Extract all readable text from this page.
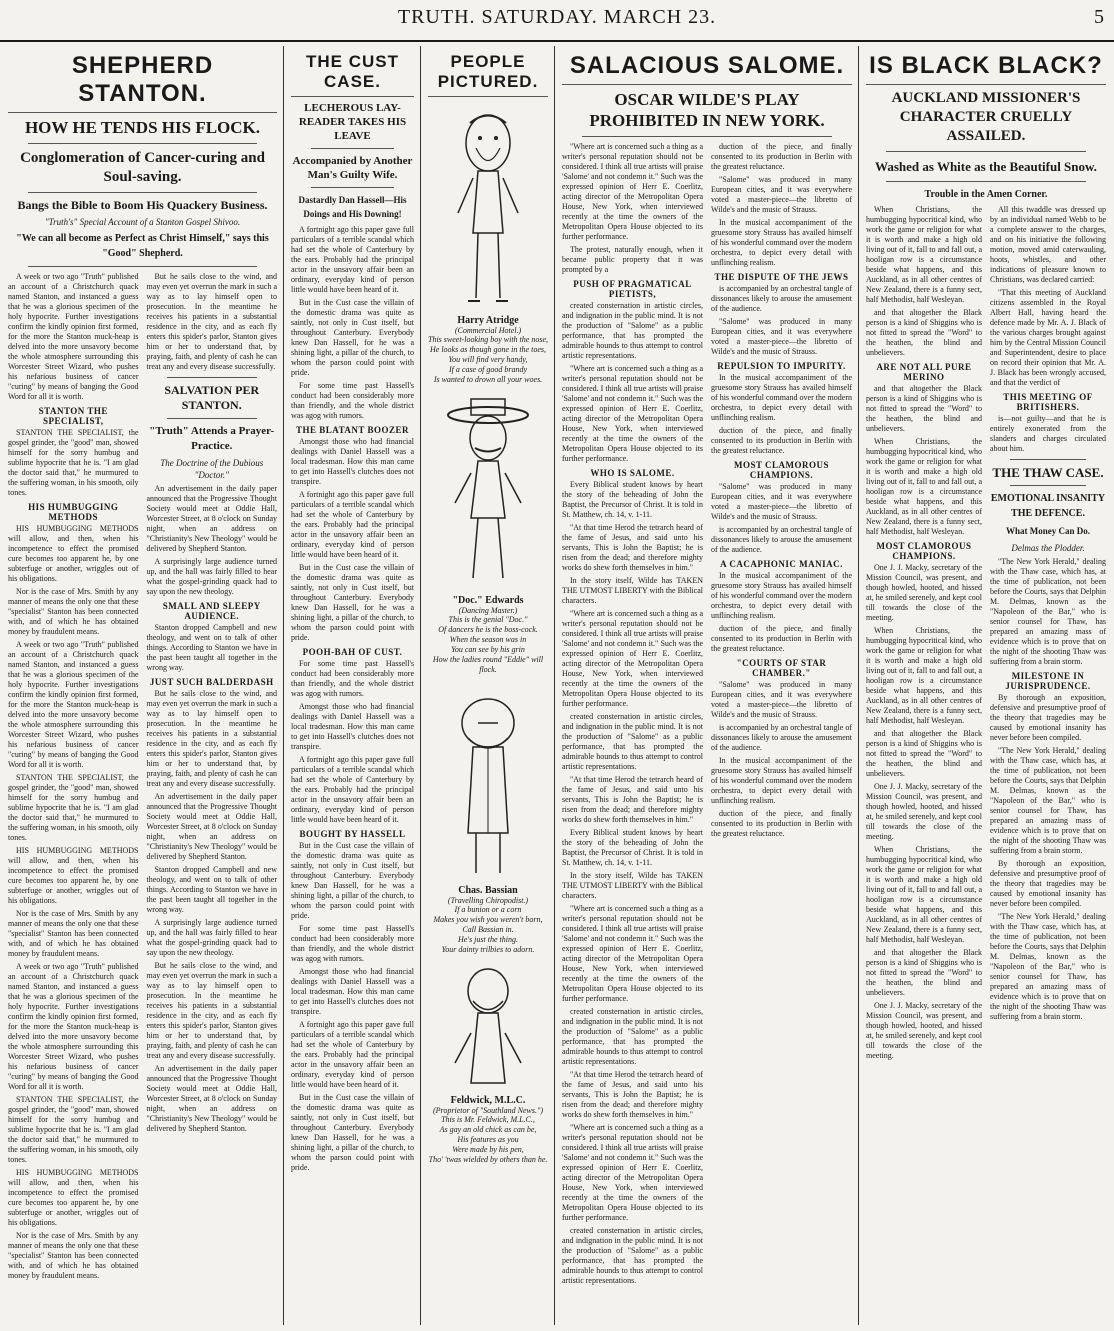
TRUTH. SATURDAY. MARCH 23.	5
SHEPHERD STANTON.
HOW HE TENDS HIS FLOCK.
Conglomeration of Cancer-curing and Soul-saving.
Bangs the Bible to Boom His Quackery Business.
"Truth's" Special Account of a Stanton Gospel Shivoo.
"We can all become as Perfect as Christ Himself," says this "Good" Shepherd.

A week or two ago "Truth" published an account of a Christchurch quack named Stanton, and instanced a guess that he was a glorious specimen of the holy hypocrite. Further investigations confirm the kindly opinion first formed, for the more the Stanton muck-heap is delved into the more unsavory become the whole atmosphere surrounding this Worcester Street Wizard, who pushes his nefarious business of cancer "curing" by means of banging the Good Word for all it is worth.

STANTON THE SPECIALIST,

STANTON THE SPECIALIST, the gospel grinder, the "good" man, showed himself for the sorry humbug and sublime hypocrite that he is. "I am glad the doctor said that," he murmured to the suffering woman, in his smooth, oily tones.

HIS HUMBUGGING METHODS

HIS HUMBUGGING METHODS will allow, and then, when his incompetence to effect the promised cure becomes too apparent he, by one subterfuge or another, wriggles out of his obligations.

Nor is the case of Mrs. Smith by any manner of means the only one that these "specialist" Stanton has been connected with, and of which he has obtained money by fraudulent means.

A week or two ago "Truth" published an account of a Christchurch quack named Stanton, and instanced a guess that he was a glorious specimen of the holy hypocrite. Further investigations confirm the kindly opinion first formed, for the more the Stanton muck-heap is delved into the more unsavory become the whole atmosphere surrounding this Worcester Street Wizard, who pushes his nefarious business of cancer "curing" by means of banging the Good Word for all it is worth.

STANTON THE SPECIALIST, the gospel grinder, the "good" man, showed himself for the sorry humbug and sublime hypocrite that he is. "I am glad the doctor said that," he murmured to the suffering woman, in his smooth, oily tones.

HIS HUMBUGGING METHODS will allow, and then, when his incompetence to effect the promised cure becomes too apparent he, by one subterfuge or another, wriggles out of his obligations.

Nor is the case of Mrs. Smith by any manner of means the only one that these "specialist" Stanton has been connected with, and of which he has obtained money by fraudulent means.

A week or two ago "Truth" published an account of a Christchurch quack named Stanton, and instanced a guess that he was a glorious specimen of the holy hypocrite. Further investigations confirm the kindly opinion first formed, for the more the Stanton muck-heap is delved into the more unsavory become the whole atmosphere surrounding this Worcester Street Wizard, who pushes his nefarious business of cancer "curing" by means of banging the Good Word for all it is worth.

STANTON THE SPECIALIST, the gospel grinder, the "good" man, showed himself for the sorry humbug and sublime hypocrite that he is. "I am glad the doctor said that," he murmured to the suffering woman, in his smooth, oily tones.

HIS HUMBUGGING METHODS will allow, and then, when his incompetence to effect the promised cure becomes too apparent he, by one subterfuge or another, wriggles out of his obligations.

Nor is the case of Mrs. Smith by any manner of means the only one that these "specialist" Stanton has been connected with, and of which he has obtained money by fraudulent means.

But he sails close to the wind, and may even yet overrun the mark in such a way as to lay himself open to prosecution. In the meantime he receives his patients in a substantial residence in the city, and as each fly enters this spider's parlor, Stanton gives him or her to understand that, by praying, faith, and plenty of cash he can treat any and every disease successfully.

SALVATION PER STANTON.
"Truth" Attends a Prayer-Practice.
The Doctrine of the Dubious "Doctor."

An advertisement in the daily paper announced that the Progressive Thought Society would meet at Oddie Hall, Worcester Street, at 8 o'clock on Sunday night, when an address on "Christianity's New Theology" would be delivered by Shepherd Stanton.

A surprisingly large audience turned up, and the hall was fairly filled to hear what the gospel-grinding quack had to say upon the new theology.

SMALL AND SLEEPY AUDIENCE.

Stanton dropped Campbell and new theology, and went on to talk of other things. According to Stanton we have in the past been taught all together in the wrong way.

JUST SUCH BALDERDASH

But he sails close to the wind, and may even yet overrun the mark in such a way as to lay himself open to prosecution. In the meantime he receives his patients in a substantial residence in the city, and as each fly enters this spider's parlor, Stanton gives him or her to understand that, by praying, faith, and plenty of cash he can treat any and every disease successfully.

An advertisement in the daily paper announced that the Progressive Thought Society would meet at Oddie Hall, Worcester Street, at 8 o'clock on Sunday night, when an address on "Christianity's New Theology" would be delivered by Shepherd Stanton.

Stanton dropped Campbell and new theology, and went on to talk of other things. According to Stanton we have in the past been taught all together in the wrong way.

A surprisingly large audience turned up, and the hall was fairly filled to hear what the gospel-grinding quack had to say upon the new theology.

But he sails close to the wind, and may even yet overrun the mark in such a way as to lay himself open to prosecution. In the meantime he receives his patients in a substantial residence in the city, and as each fly enters this spider's parlor, Stanton gives him or her to understand that, by praying, faith, and plenty of cash he can treat any and every disease successfully.

An advertisement in the daily paper announced that the Progressive Thought Society would meet at Oddie Hall, Worcester Street, at 8 o'clock on Sunday night, when an address on "Christianity's New Theology" would be delivered by Shepherd Stanton.

THE CUST CASE.
LECHEROUS LAY-READER TAKES HIS LEAVE
Accompanied by Another Man's Guilty Wife.
Dastardly Dan Hassell—His Doings and His Downing!

A fortnight ago this paper gave full particulars of a terrible scandal which had set the whole of Canterbury by the ears. Probably had the principal actor in the unsavory affair been an ordinary, everyday kind of person little would have been heard of it.

But in the Cust case the villain of the domestic drama was quite as saintly, not only in Cust itself, but throughout Canterbury. Everybody knew Dan Hassell, for he was a shining light, a pillar of the church, to whom the parson could point with pride.

For some time past Hassell's conduct had been considerably more than friendly, and the whole district was agog with rumors.

THE BLATANT BOOZER

Amongst those who had financial dealings with Daniel Hassell was a local tradesman. How this man came to get into Hassell's clutches does not transpire.

A fortnight ago this paper gave full particulars of a terrible scandal which had set the whole of Canterbury by the ears. Probably had the principal actor in the unsavory affair been an ordinary, everyday kind of person little would have been heard of it.

But in the Cust case the villain of the domestic drama was quite as saintly, not only in Cust itself, but throughout Canterbury. Everybody knew Dan Hassell, for he was a shining light, a pillar of the church, to whom the parson could point with pride.

POOH-BAH OF CUST.

For some time past Hassell's conduct had been considerably more than friendly, and the whole district was agog with rumors.

Amongst those who had financial dealings with Daniel Hassell was a local tradesman. How this man came to get into Hassell's clutches does not transpire.

A fortnight ago this paper gave full particulars of a terrible scandal which had set the whole of Canterbury by the ears. Probably had the principal actor in the unsavory affair been an ordinary, everyday kind of person little would have been heard of it.

BOUGHT BY HASSELL

But in the Cust case the villain of the domestic drama was quite as saintly, not only in Cust itself, but throughout Canterbury. Everybody knew Dan Hassell, for he was a shining light, a pillar of the church, to whom the parson could point with pride.

For some time past Hassell's conduct had been considerably more than friendly, and the whole district was agog with rumors.

Amongst those who had financial dealings with Daniel Hassell was a local tradesman. How this man came to get into Hassell's clutches does not transpire.

A fortnight ago this paper gave full particulars of a terrible scandal which had set the whole of Canterbury by the ears. Probably had the principal actor in the unsavory affair been an ordinary, everyday kind of person little would have been heard of it.

But in the Cust case the villain of the domestic drama was quite as saintly, not only in Cust itself, but throughout Canterbury. Everybody knew Dan Hassell, for he was a shining light, a pillar of the church, to whom the parson could point with pride.

PEOPLE PICTURED.
Harry Atridge
(Commercial Hotel.)
This sweet-looking boy with the nose,
He looks as though gone in the toes,
You will find very handy,
If a case of good brandy
Is wanted to drown all your woes.
"Doc." Edwards
(Dancing Master.)
This is the genial "Doc."
Of dancers he is the boss-cock.
When the season was in
You can see by his grin
How the ladies round "Eddie" will flock.
Chas. Bassian
(Travelling Chiropodist.)
If a bunion or a corn
Makes you wish you weren't born,
Call Bassian in.
He's just the thing.
Your dainty trilbies to adorn.
Feldwick, M.L.C.
(Proprietor of "Southland News.")
This is Mr. Feldwick, M.L.C.,
As gay an old chick as can be,
His features as you
Were made by his pen,
Tho' 'twas wielded by others than he.
SALACIOUS SALOME.
OSCAR WILDE'S PLAY PROHIBITED IN NEW YORK.

"Where art is concerned such a thing as a writer's personal reputation should not be considered. I think all true artists will praise 'Salome' and not condemn it." Such was the expressed opinion of Herr E. Coerlitz, acting director of the Metropolitan Opera House, New York, when interviewed recently at the time the owners of the Metropolitan Opera House objected to its further performance.

The protest, naturally enough, when it became public property that it was prompted by a

PUSH OF PRAGMATICAL PIETISTS,

created consternation in artistic circles, and indignation in the public mind. It is not the production of "Salome" as a public performance, that has prompted the admirable hounds to thus attempt to control artistic representations.

"Where art is concerned such a thing as a writer's personal reputation should not be considered. I think all true artists will praise 'Salome' and not condemn it." Such was the expressed opinion of Herr E. Coerlitz, acting director of the Metropolitan Opera House, New York, when interviewed recently at the time the owners of the Metropolitan Opera House objected to its further performance.

WHO IS SALOME.

Every Biblical student knows by heart the story of the beheading of John the Baptist, the Precursor of Christ. It is told in St. Matthew, ch. 14, v. 1-11.

"At that time Herod the tetrarch heard of the fame of Jesus, and said unto his servants, This is John the Baptist; he is risen from the dead; and therefore mighty works do shew forth themselves in him."

In the story itself, Wilde has TAKEN THE UTMOST LIBERTY with the Biblical characters.

"Where art is concerned such a thing as a writer's personal reputation should not be considered. I think all true artists will praise 'Salome' and not condemn it." Such was the expressed opinion of Herr E. Coerlitz, acting director of the Metropolitan Opera House, New York, when interviewed recently at the time the owners of the Metropolitan Opera House objected to its further performance.

created consternation in artistic circles, and indignation in the public mind. It is not the production of "Salome" as a public performance, that has prompted the admirable hounds to thus attempt to control artistic representations.

"At that time Herod the tetrarch heard of the fame of Jesus, and said unto his servants, This is John the Baptist; he is risen from the dead; and therefore mighty works do shew forth themselves in him."

Every Biblical student knows by heart the story of the beheading of John the Baptist, the Precursor of Christ. It is told in St. Matthew, ch. 14, v. 1-11.

In the story itself, Wilde has TAKEN THE UTMOST LIBERTY with the Biblical characters.

"Where art is concerned such a thing as a writer's personal reputation should not be considered. I think all true artists will praise 'Salome' and not condemn it." Such was the expressed opinion of Herr E. Coerlitz, acting director of the Metropolitan Opera House, New York, when interviewed recently at the time the owners of the Metropolitan Opera House objected to its further performance.

created consternation in artistic circles, and indignation in the public mind. It is not the production of "Salome" as a public performance, that has prompted the admirable hounds to thus attempt to control artistic representations.

"At that time Herod the tetrarch heard of the fame of Jesus, and said unto his servants, This is John the Baptist; he is risen from the dead; and therefore mighty works do shew forth themselves in him."

"Where art is concerned such a thing as a writer's personal reputation should not be considered. I think all true artists will praise 'Salome' and not condemn it." Such was the expressed opinion of Herr E. Coerlitz, acting director of the Metropolitan Opera House, New York, when interviewed recently at the time the owners of the Metropolitan Opera House objected to its further performance.

created consternation in artistic circles, and indignation in the public mind. It is not the production of "Salome" as a public performance, that has prompted the admirable hounds to thus attempt to control artistic representations.

duction of the piece, and finally consented to its production in Berlin with the greatest reluctance.

"Salome" was produced in many European cities, and it was everywhere voted a master-piece—the libretto of Wilde's and the music of Strauss.

In the musical accompaniment of the gruesome story Strauss has availed himself of his wonderful command over the modern orchestra, to depict every detail with unflinching realism.

THE DISPUTE OF THE JEWS

is accompanied by an orchestral tangle of dissonances likely to arouse the amusement of the audience.

"Salome" was produced in many European cities, and it was everywhere voted a master-piece—the libretto of Wilde's and the music of Strauss.

REPULSION TO IMPURITY.

In the musical accompaniment of the gruesome story Strauss has availed himself of his wonderful command over the modern orchestra, to depict every detail with unflinching realism.

duction of the piece, and finally consented to its production in Berlin with the greatest reluctance.

MOST CLAMOROUS CHAMPIONS.

"Salome" was produced in many European cities, and it was everywhere voted a master-piece—the libretto of Wilde's and the music of Strauss.

is accompanied by an orchestral tangle of dissonances likely to arouse the amusement of the audience.

A CACAPHONIC MANIAC.

In the musical accompaniment of the gruesome story Strauss has availed himself of his wonderful command over the modern orchestra, to depict every detail with unflinching realism.

duction of the piece, and finally consented to its production in Berlin with the greatest reluctance.

"COURTS OF STAR CHAMBER."

"Salome" was produced in many European cities, and it was everywhere voted a master-piece—the libretto of Wilde's and the music of Strauss.

is accompanied by an orchestral tangle of dissonances likely to arouse the amusement of the audience.

In the musical accompaniment of the gruesome story Strauss has availed himself of his wonderful command over the modern orchestra, to depict every detail with unflinching realism.

duction of the piece, and finally consented to its production in Berlin with the greatest reluctance.

IS BLACK BLACK?
AUCKLAND MISSIONER'S CHARACTER CRUELLY ASSAILED.
Washed as White as the Beautiful Snow.
Trouble in the Amen Corner.

When Christians, the humbugging hypocritical kind, who work the game or religion for what it is worth and make a high old living out of it, fall to and fall out, a hooligan row is a circumstance beside what happens, and this Auckland, as in all other centres of New Zealand, there is a funny sect, half Methodist, half Wesleyan.

and that altogether the Black person is a kind of Shiggins who is not fitted to spread the "Word" to the heathen, the blind and unbelievers.

ARE NOT ALL PURE MERINO

and that altogether the Black person is a kind of Shiggins who is not fitted to spread the "Word" to the heathen, the blind and unbelievers.

When Christians, the humbugging hypocritical kind, who work the game or religion for what it is worth and make a high old living out of it, fall to and fall out, a hooligan row is a circumstance beside what happens, and this Auckland, as in all other centres of New Zealand, there is a funny sect, half Methodist, half Wesleyan.

MOST CLAMOROUS CHAMPIONS.

One J. J. Macky, secretary of the Mission Council, was present, and though howled, hooted, and hissed at, he smiled serenely, and kept cool till towards the close of the meeting.

When Christians, the humbugging hypocritical kind, who work the game or religion for what it is worth and make a high old living out of it, fall to and fall out, a hooligan row is a circumstance beside what happens, and this Auckland, as in all other centres of New Zealand, there is a funny sect, half Methodist, half Wesleyan.

and that altogether the Black person is a kind of Shiggins who is not fitted to spread the "Word" to the heathen, the blind and unbelievers.

One J. J. Macky, secretary of the Mission Council, was present, and though howled, hooted, and hissed at, he smiled serenely, and kept cool till towards the close of the meeting.

When Christians, the humbugging hypocritical kind, who work the game or religion for what it is worth and make a high old living out of it, fall to and fall out, a hooligan row is a circumstance beside what happens, and this Auckland, as in all other centres of New Zealand, there is a funny sect, half Methodist, half Wesleyan.

and that altogether the Black person is a kind of Shiggins who is not fitted to spread the "Word" to the heathen, the blind and unbelievers.

One J. J. Macky, secretary of the Mission Council, was present, and though howled, hooted, and hissed at, he smiled serenely, and kept cool till towards the close of the meeting.

All this twaddle was dressed up by an individual named Webb to be a complete answer to the charges, and on his initiative the following motion, moved amid caterwauling, hoots, whistles, and other indications of pleasure known to Christians, was declared carried:

"That this meeting of Auckland citizens assembled in the Royal Albert Hall, having heard the defence made by Mr. A. J. Black of the various charges brought against him by the Central Mission Council and Superintendent, desire to place on record their opinion that Mr. A. J. Black has been wrongly accused, and that the verdict of

THIS MEETING OF BRITISHERS.

is—not guilty—and that he is entirely exonerated from the slanders and charges circulated about him.

THE THAW CASE.
EMOTIONAL INSANITY THE DEFENCE.
What Money Can Do.
Delmas the Plodder.

"The New York Herald," dealing with the Thaw case, which has, at the time of publication, not been before the Courts, says that Delphin M. Delmas, known as the "Napoleon of the Bar," who is senior counsel for Thaw, has prepared an amazing mass of evidence which is to prove that on the night of the shooting Thaw was suffering from a brain storm.

MILESTONE IN JURISPRUDENCE.

By thorough an exposition, defensive and presumptive proof of the theory that tragedies may be caused by emotional insanity has never before been compiled.

"The New York Herald," dealing with the Thaw case, which has, at the time of publication, not been before the Courts, says that Delphin M. Delmas, known as the "Napoleon of the Bar," who is senior counsel for Thaw, has prepared an amazing mass of evidence which is to prove that on the night of the shooting Thaw was suffering from a brain storm.

By thorough an exposition, defensive and presumptive proof of the theory that tragedies may be caused by emotional insanity has never before been compiled.

"The New York Herald," dealing with the Thaw case, which has, at the time of publication, not been before the Courts, says that Delphin M. Delmas, known as the "Napoleon of the Bar," who is senior counsel for Thaw, has prepared an amazing mass of evidence which is to prove that on the night of the shooting Thaw was suffering from a brain storm.
